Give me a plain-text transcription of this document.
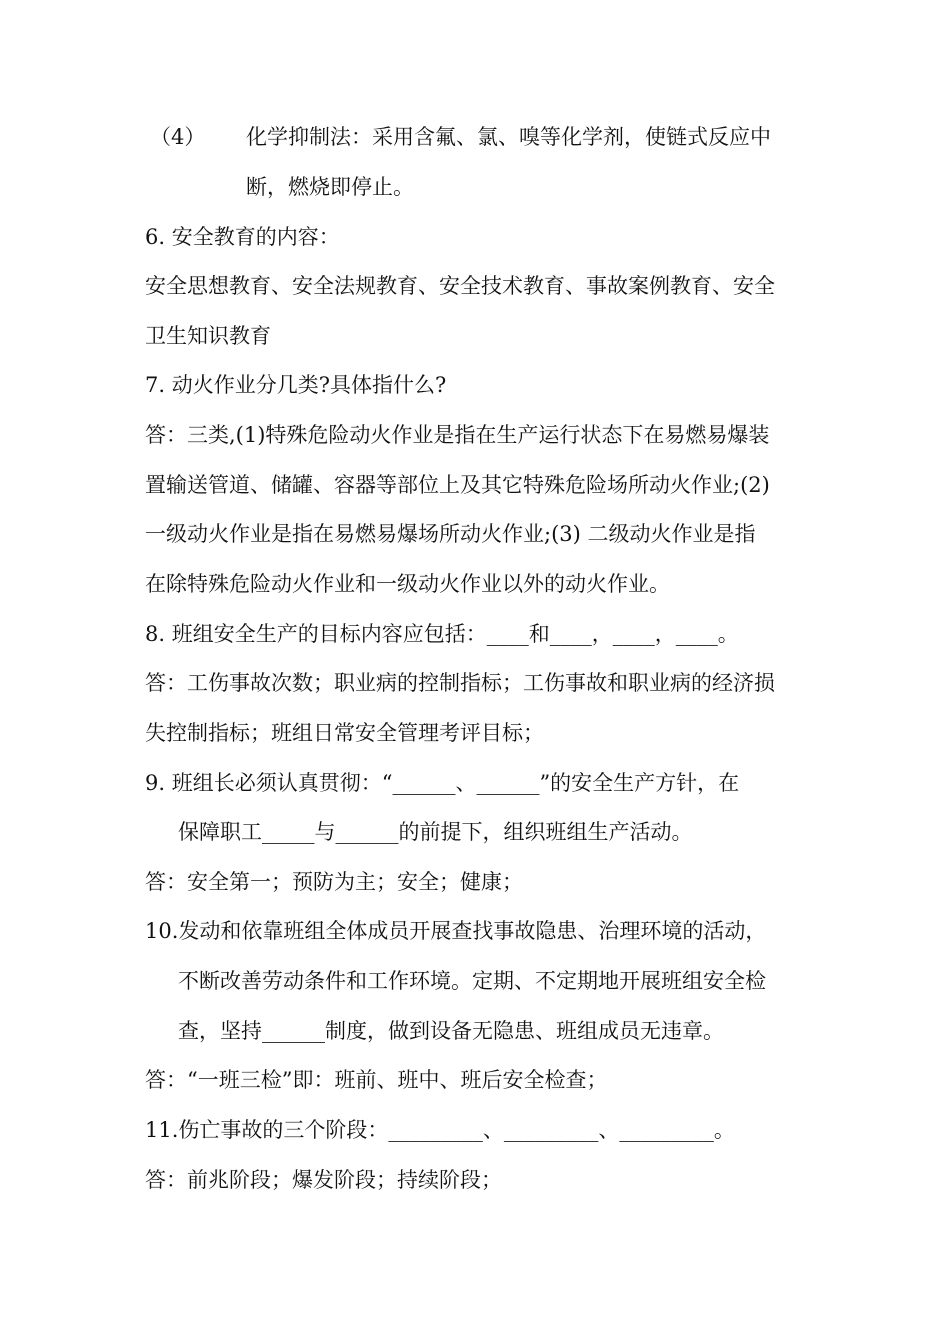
（4） 化学抑制法：采用含氟、氯、嗅等化学剂，使链式反应中
断，燃烧即停止。
6. 安全教育的内容：
安全思想教育、安全法规教育、安全技术教育、事故案例教育、安全
卫生知识教育
7. 动火作业分几类?具体指什么?
答：三类,(1)特殊危险动火作业是指在生产运行状态下在易燃易爆装
置输送管道、储罐、容器等部位上及其它特殊危险场所动火作业;(2)
一级动火作业是指在易燃易爆场所动火作业;(3) 二级动火作业是指
在除特殊危险动火作业和一级动火作业以外的动火作业。
8. 班组安全生产的目标内容应包括：____和____，____，____。
答：工伤事故次数；职业病的控制指标；工伤事故和职业病的经济损
失控制指标；班组日常安全管理考评目标；
9. 班组长必须认真贯彻：“______、______”的安全生产方针，在
保障职工_____与______的前提下，组织班组生产活动。
答：安全第一；预防为主；安全；健康；
10.发动和依靠班组全体成员开展查找事故隐患、治理环境的活动，
不断改善劳动条件和工作环境。定期、不定期地开展班组安全检
查，坚持______制度，做到设备无隐患、班组成员无违章。
答：“一班三检”即：班前、班中、班后安全检查；
11.伤亡事故的三个阶段：_________、_________、_________。
答：前兆阶段；爆发阶段；持续阶段；
